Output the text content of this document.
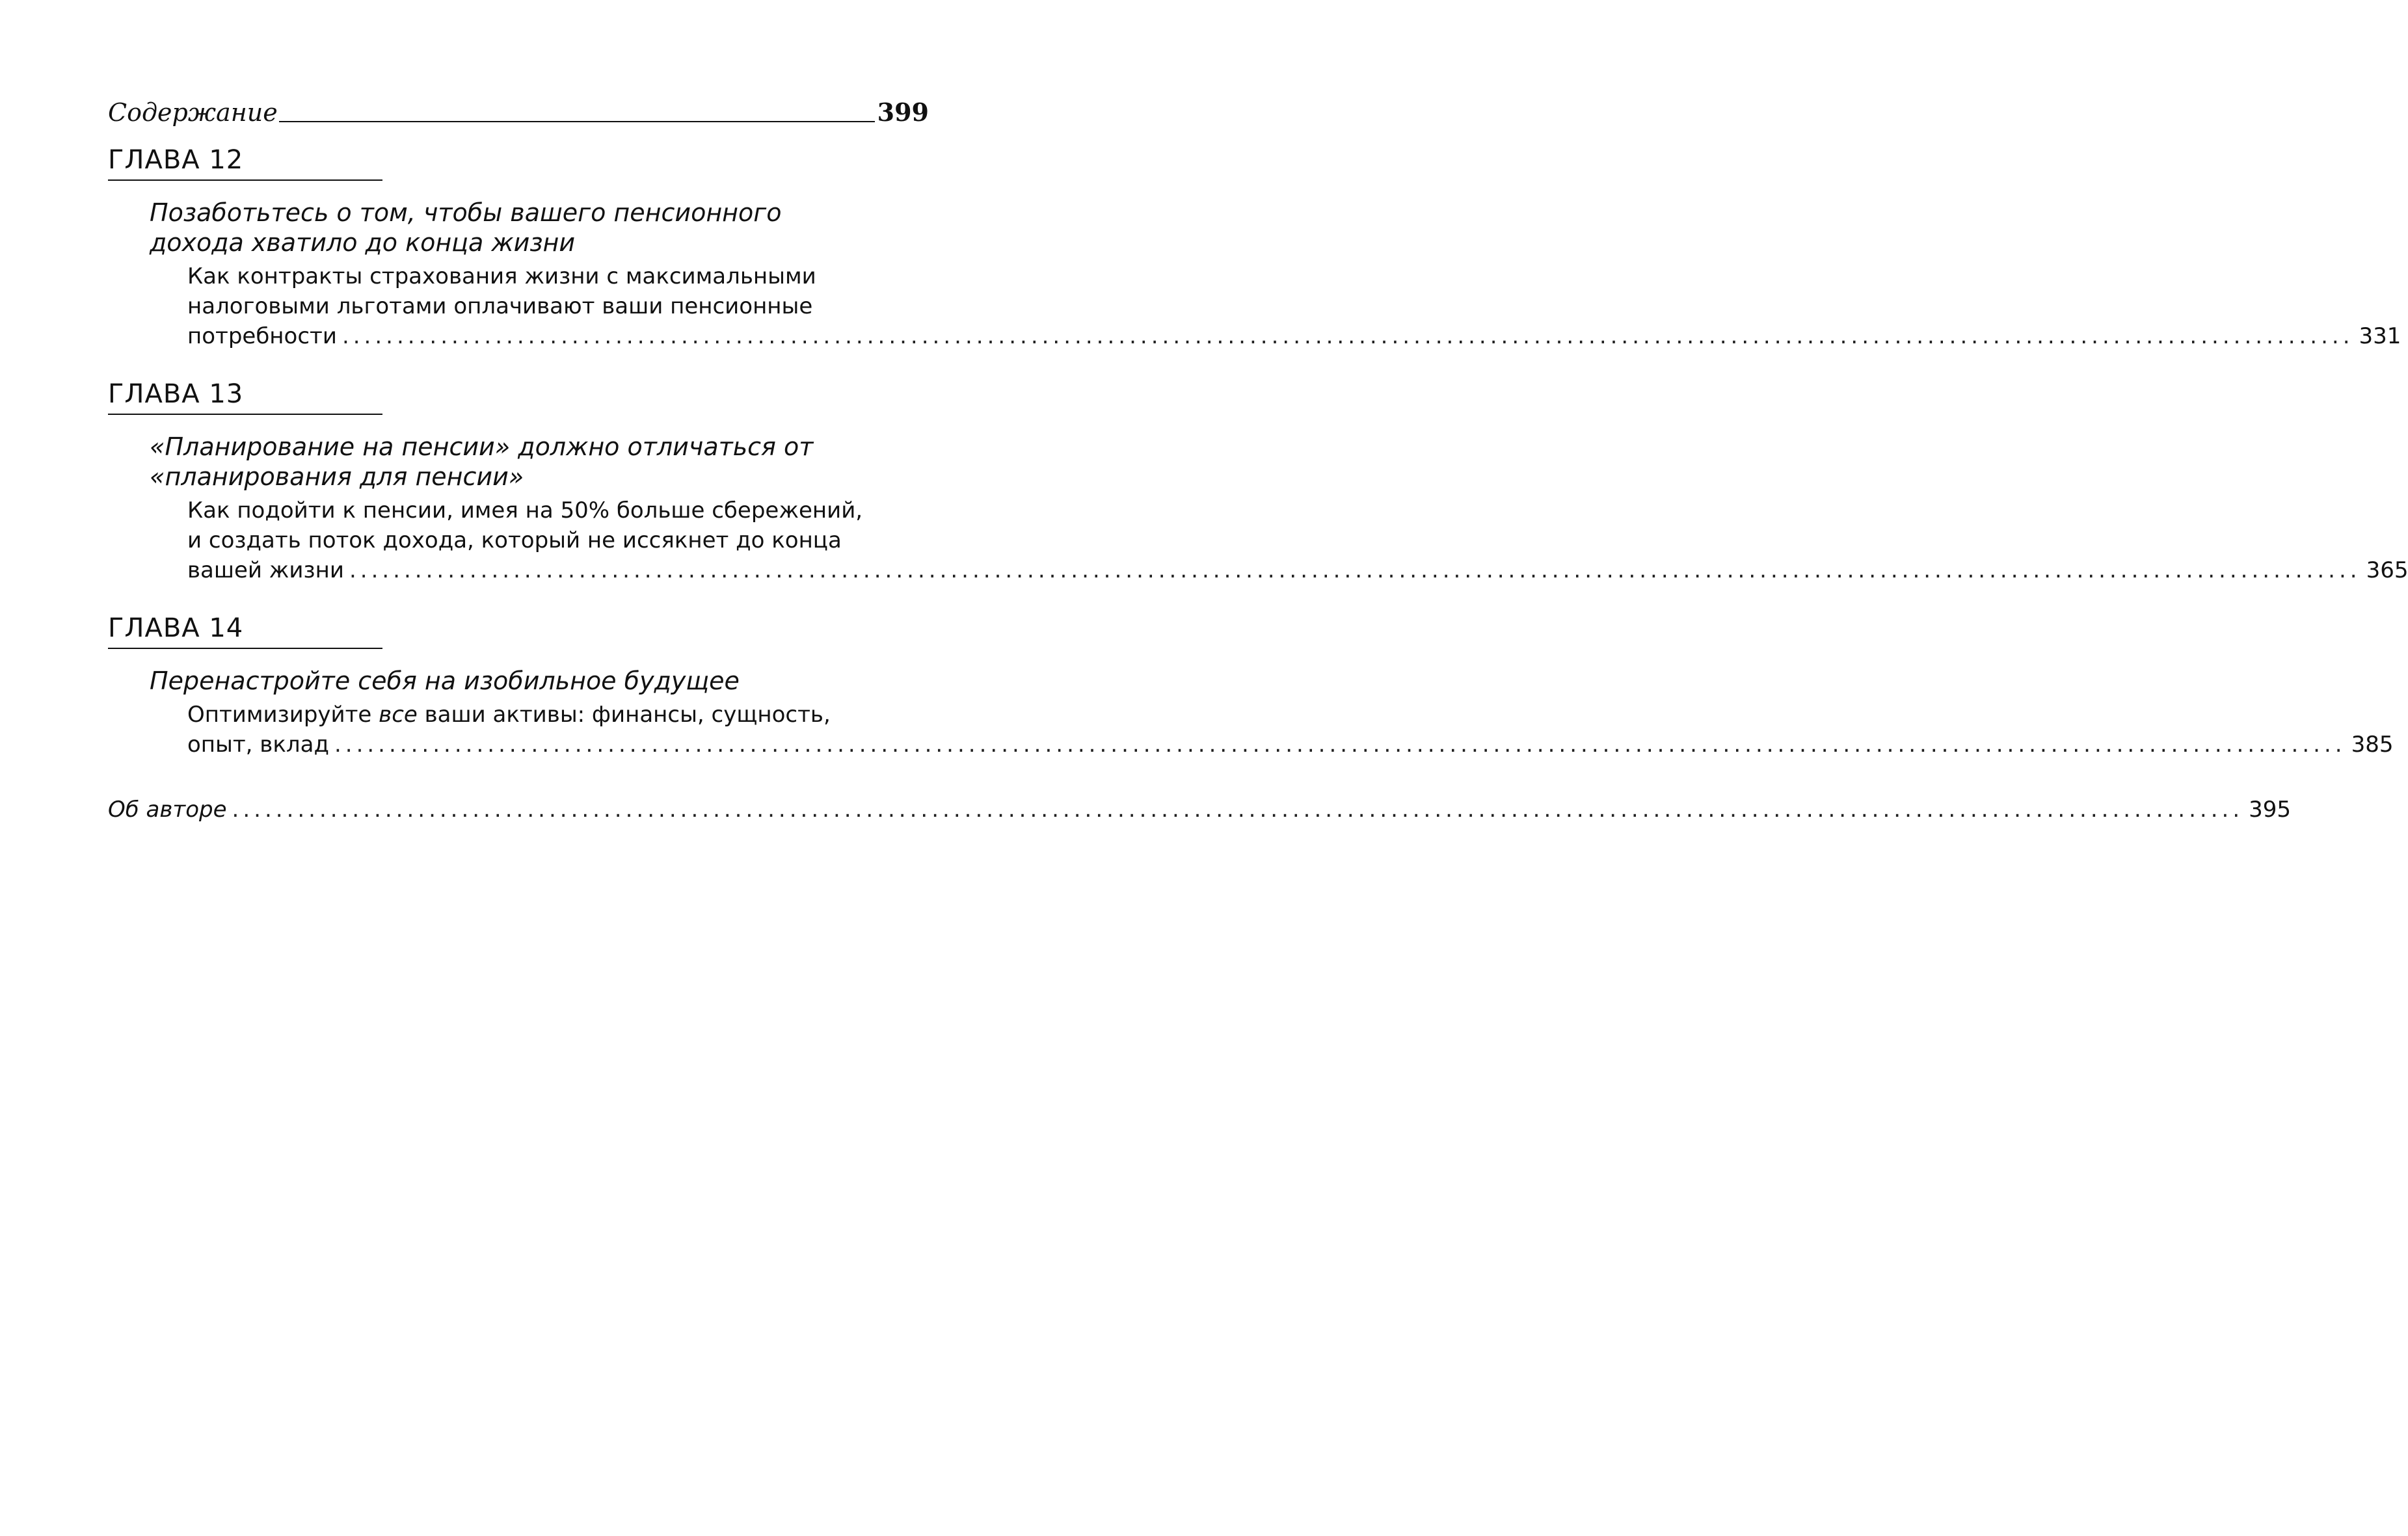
Содержание	399
ГЛАВА 12
Позаботьтесь о том, чтобы вашего пенсионного
дохода хватило до конца жизни
Как контракты страхования жизни с максимальными
налоговыми льготами оплачивают ваши пенсионные
потребности ........................................................................................................................................................................................ 331
ГЛАВА 13
«Планирование на пенсии» должно отличаться от
«планирования для пенсии»
Как подойти к пенсии, имея на 50% больше сбережений,
и создать поток дохода, который не иссякнет до конца
вашей жизни ........................................................................................................................................................................................ 365
ГЛАВА 14
Перенастройте себя на изобильное будущее
Оптимизируйте все ваши активы: финансы, сущность,
опыт, вклад ........................................................................................................................................................................................ 385
Об авторе ........................................................................................................................................................................................ 395
